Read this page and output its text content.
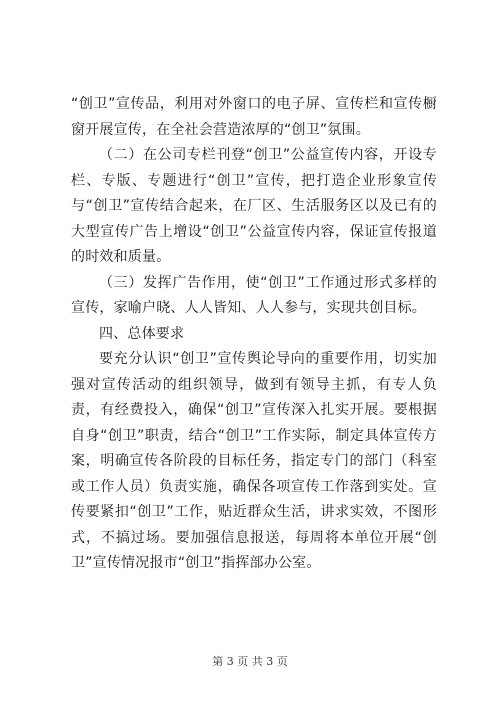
“创卫”宣传品，利用对外窗口的电子屏、宣传栏和宣传橱窗开展宣传，在全社会营造浓厚的“创卫”氛围。

（二）在公司专栏刊登“创卫”公益宣传内容，开设专栏、专版、专题进行“创卫”宣传，把打造企业形象宣传与“创卫”宣传结合起来，在厂区、生活服务区以及已有的大型宣传广告上增设“创卫”公益宣传内容，保证宣传报道的时效和质量。

（三）发挥广告作用，使“创卫”工作通过形式多样的宣传，家喻户晓、人人皆知、人人参与，实现共创目标。

四、总体要求

要充分认识“创卫”宣传舆论导向的重要作用，切实加强对宣传活动的组织领导，做到有领导主抓，有专人负责，有经费投入，确保“创卫”宣传深入扎实开展。要根据自身“创卫”职责，结合“创卫”工作实际，制定具体宣传方案，明确宣传各阶段的目标任务，指定专门的部门（科室或工作人员）负责实施，确保各项宣传工作落到实处。宣传要紧扣“创卫”工作，贴近群众生活，讲求实效，不图形式，不搞过场。要加强信息报送，每周将本单位开展“创卫”宣传情况报市“创卫”指挥部办公室。

第 3 页 共 3 页
